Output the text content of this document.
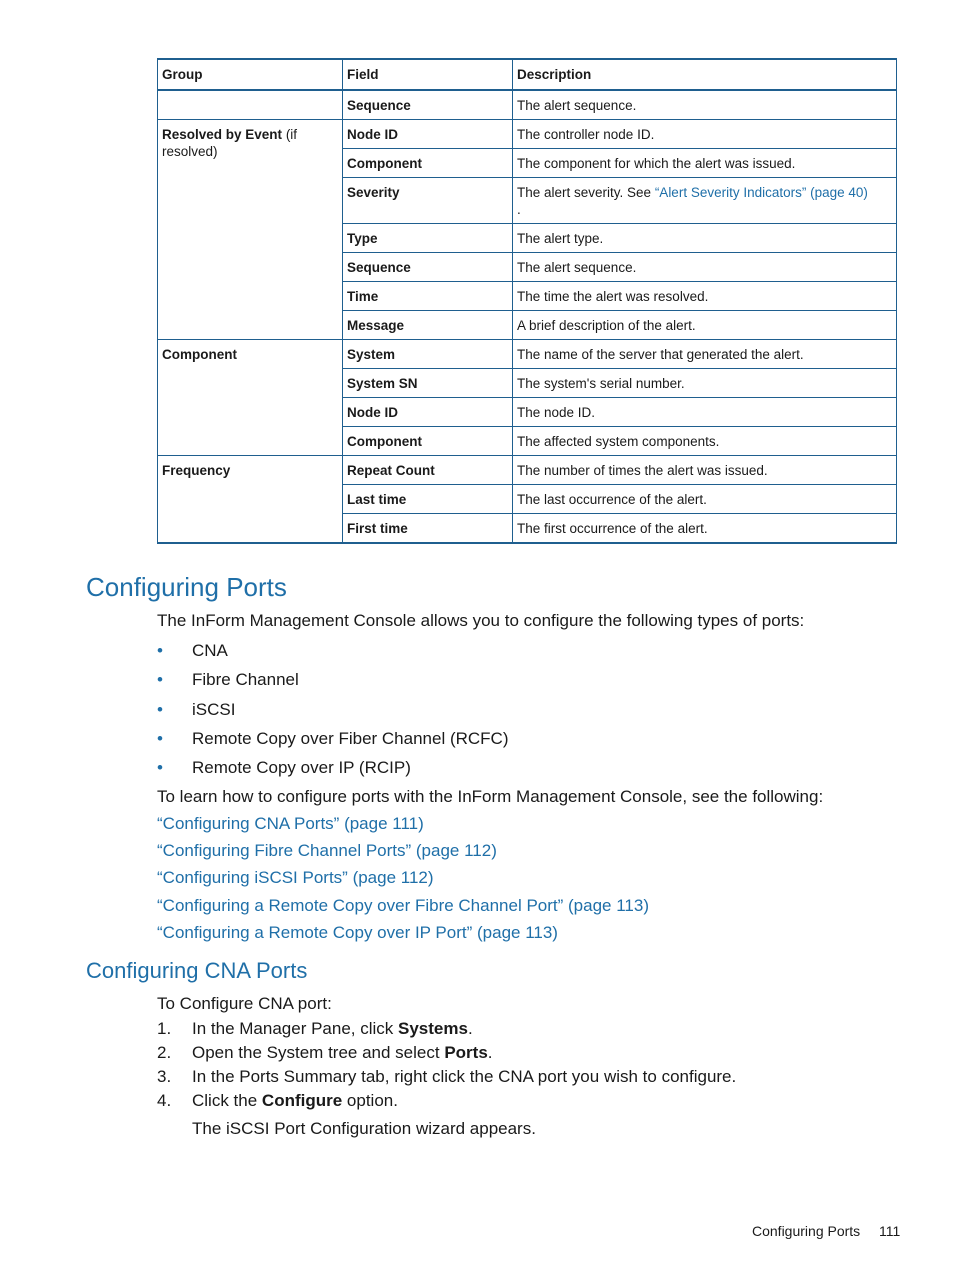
Group	Field	Description
	Sequence	The alert sequence.
Resolved by Event (if resolved)	Node ID	The controller node ID.
	Component	The component for which the alert was issued.
	Severity	The alert severity. See “Alert Severity Indicators” (page 40)
.
	Type	The alert type.
	Sequence	The alert sequence.
	Time	The time the alert was resolved.
	Message	A brief description of the alert.
Component	System	The name of the server that generated the alert.
	System SN	The system's serial number.
	Node ID	The node ID.
	Component	The affected system components.
Frequency	Repeat Count	The number of times the alert was issued.
	Last time	The last occurrence of the alert.
	First time	The first occurrence of the alert.
Configuring Ports

The InForm Management Console allows you to configure the following types of ports:

• CNA
• Fibre Channel
• iSCSI
• Remote Copy over Fiber Channel (RCFC)
• Remote Copy over IP (RCIP)

To learn how to configure ports with the InForm Management Console, see the following:

“Configuring CNA Ports” (page 111)
“Configuring Fibre Channel Ports” (page 112)
“Configuring iSCSI Ports” (page 112)
“Configuring a Remote Copy over Fibre Channel Port” (page 113)
“Configuring a Remote Copy over IP Port” (page 113)
Configuring CNA Ports

To Configure CNA port:

1. In the Manager Pane, click Systems.
2. Open the System tree and select Ports.
3. In the Ports Summary tab, right click the CNA port you wish to configure.
4. Click the Configure option.

The iSCSI Port Configuration wizard appears.

Configuring Ports 111
